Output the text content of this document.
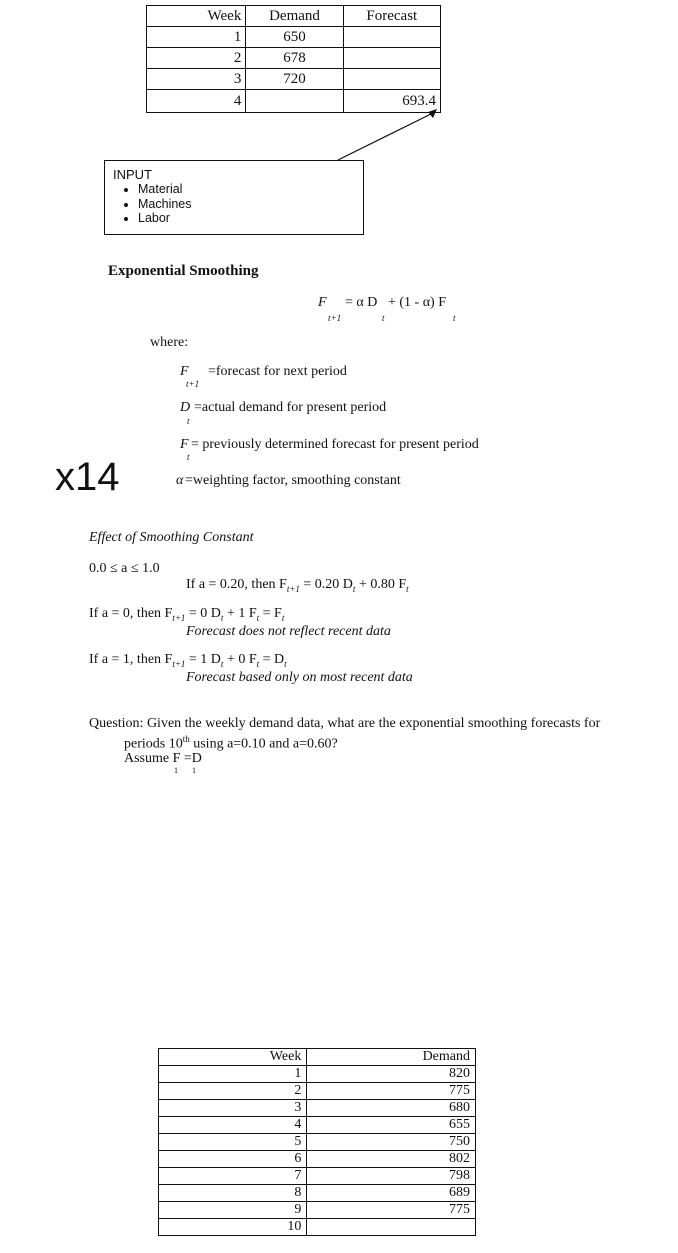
Week	Demand	Forecast
1	650	
2	678	
3	720	
4		693.4
INPUT
• Material
• Machines
• Labor
Exponential Smoothing
F
t+1
= α D
t
+ (1 - α) F
t
where:
F
t+1
=forecast for next period
D
t
=actual demand for present period
F
t
= previously determined forecast for present period
α =weighting factor, smoothing constant
x14
Effect of Smoothing Constant
0.0 ≤ a ≤ 1.0
If a = 0.20, then $F_{t+1} = 0.20$ $D_t + 0.80$ $F_t$
If a = 0, then $F_{t+1} = 0$ $D_t + 1$ $F_t = F_t$
Forecast does not reflect recent data
If a = 1, then $F_{t+1} = 1$ $D_t + 0$ $F_t = D_t$
Forecast based only on most recent data
Question: Given the weekly demand data, what are the exponential smoothing forecasts for
periods 10th using a=0.10 and a=0.60?
Assume F =D
1       1
Week	Demand
1	820
2	775
3	680
4	655
5	750
6	802
7	798
8	689
9	775
10	
